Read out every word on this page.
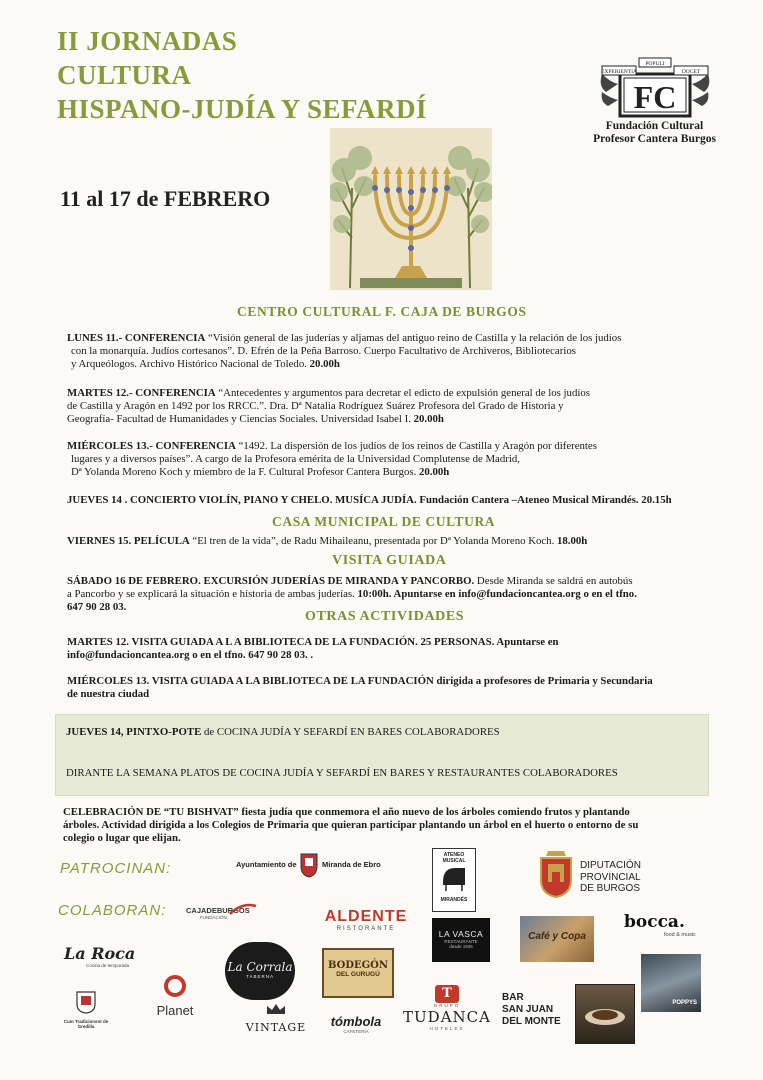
II JORNADAS
CULTURA
HISPANO-JUDÍA Y SEFARDÍ
11 al 17 de FEBRERO
FC
EXPERIENTIA
POPULI
DOCET
Fundación Cultural
Profesor Cantera Burgos
CENTRO CULTURAL F. CAJA DE BURGOS
LUNES 11.- CONFERENCIA “Visión general de las juderías y aljamas del antiguo reino de Castilla y la relación de los judíos
con la monarquía. Judíos cortesanos”. D. Efrén de la Peña Barroso. Cuerpo Facultativo de Archiveros, Bibliotecarios
y Arqueólogos. Archivo Histórico Nacional de Toledo. 20.00h
MARTES 12.- CONFERENCIA “Antecedentes y argumentos para decretar el edicto de expulsión general de los judíos
de Castilla y Aragón en 1492 por los RRCC.”. Dra. Dª Natalia Rodríguez Suárez Profesora del Grado de Historia y
Geografía- Facultad de Humanidades y Ciencias Sociales. Universidad Isabel I. 20.00h
MIÉRCOLES 13.- CONFERENCIA “1492. La dispersión de los judíos de los reinos de Castilla y Aragón por diferentes
lugares y a diversos países”. A cargo de la Profesora emérita de la Universidad Complutense de Madrid,
Dª Yolanda Moreno Koch y miembro de la F. Cultural Profesor Cantera Burgos. 20.00h
JUEVES 14 . CONCIERTO VIOLÍN, PIANO Y CHELO. MUSÍCA JUDÍA. Fundación Cantera –Ateneo Musical Mirandés. 20.15h
CASA MUNICIPAL DE CULTURA
VIERNES 15. PELÍCULA “El tren de la vida”, de Radu Mihaileanu, presentada por Dª Yolanda Moreno Koch. 18.00h
VISITA GUIADA
SÁBADO 16 DE FEBRERO. EXCURSIÓN JUDERÍAS DE MIRANDA Y PANCORBO. Desde Miranda se saldrá en autobús
a Pancorbo y se explicará la situación e historia de ambas juderías. 10:00h. Apuntarse en info@fundacioncantea.org o en el tfno.
647 90 28 03.
OTRAS ACTIVIDADES
MARTES 12. VISITA GUIADA A L A BIBLIOTECA DE LA FUNDACIÓN. 25 PERSONAS. Apuntarse en
info@fundacioncantea.org o en el tfno. 647 90 28 03. .
MIÉRCOLES 13. VISITA GUIADA A LA BIBLIOTECA DE LA FUNDACIÓN dirigida a profesores de Primaria y Secundaria
de nuestra ciudad
JUEVES 14, PINTXO-POTE de COCINA JUDÍA Y SEFARDÍ EN BARES COLABORADORES
DIRANTE LA SEMANA PLATOS DE COCINA JUDÍA Y SEFARDÍ EN BARES Y RESTAURANTES COLABORADORES
CELEBRACIÓN DE “TU BISHVAT” fiesta judía que conmemora el año nuevo de los árboles comiendo frutos y plantando
árboles. Actividad dirigida a los Colegios de Primaria que quieran participar plantando un árbol en el huerto o entorno de su
colegio o lugar que elijan.
PATROCINAN:
COLABORAN:
Ayuntamiento de	Miranda de Ebro
ATENEO
MUSICAL
MIRANDÉS
DIPUTACIÓN
PROVINCIAL
DE BURGOS
CAJADEBURGOS
FUNDACIÓN	ALDENTE
RISTORANTE	LA VASCA
RESTAURANTE
desde 1935
Café y Copa
bocca.
food & music
La Roca
Cocina de temporada	La Corrala
TABERNA
BODEGÓN
DEL GURUGÚ
POPPYS
Cum Tradicionsnt de Gredilla
Planet
VINTAGE	tómbola
CAFETERÍA
T
GRUPO
TUDANCA
HOTELES
BAR
SAN JUAN
DEL MONTE
